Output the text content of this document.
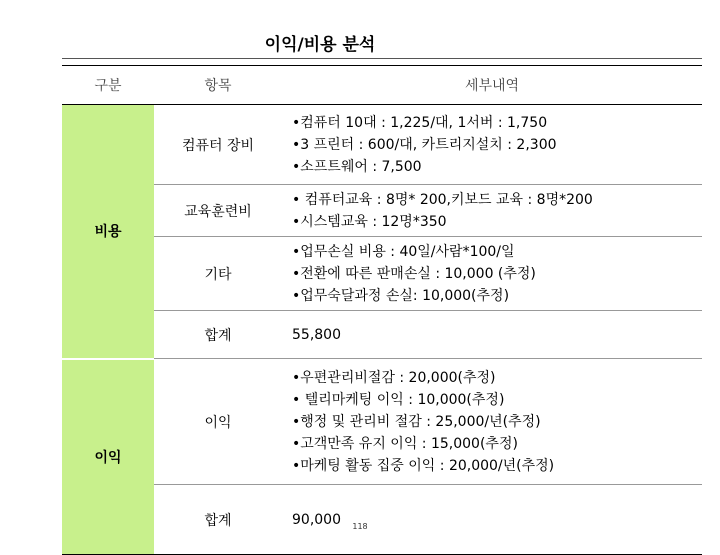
이익/비용 분석
구분	항목	세부내역
비용	컴퓨터 장비	•컴퓨터 10대 : 1,225/대, 1서버 : 1,750
•3 프린터 : 600/대, 카트리지설치 : 2,300
•소프트웨어 : 7,500

	교육훈련비	• 컴퓨터교육 : 8명* 200,키보드 교육 : 8명*200
•시스템교육 : 12명*350

	기타	•업무손실 비용 : 40일/사람*100/일
•전환에 따른 판매손실 : 10,000 (추정)
•업무숙달과정 손실: 10,000(추정)

	합계	55,800

이익	이익	•우편관리비절감 : 20,000(추정)
• 텔리마케팅 이익 : 10,000(추정)
•행정 및 관리비 절감 : 25,000/년(추정)
•고객만족 유지 이익 : 15,000(추정)
•마케팅 활동 집중 이익 : 20,000/년(추정)

	합계	90,000	118
